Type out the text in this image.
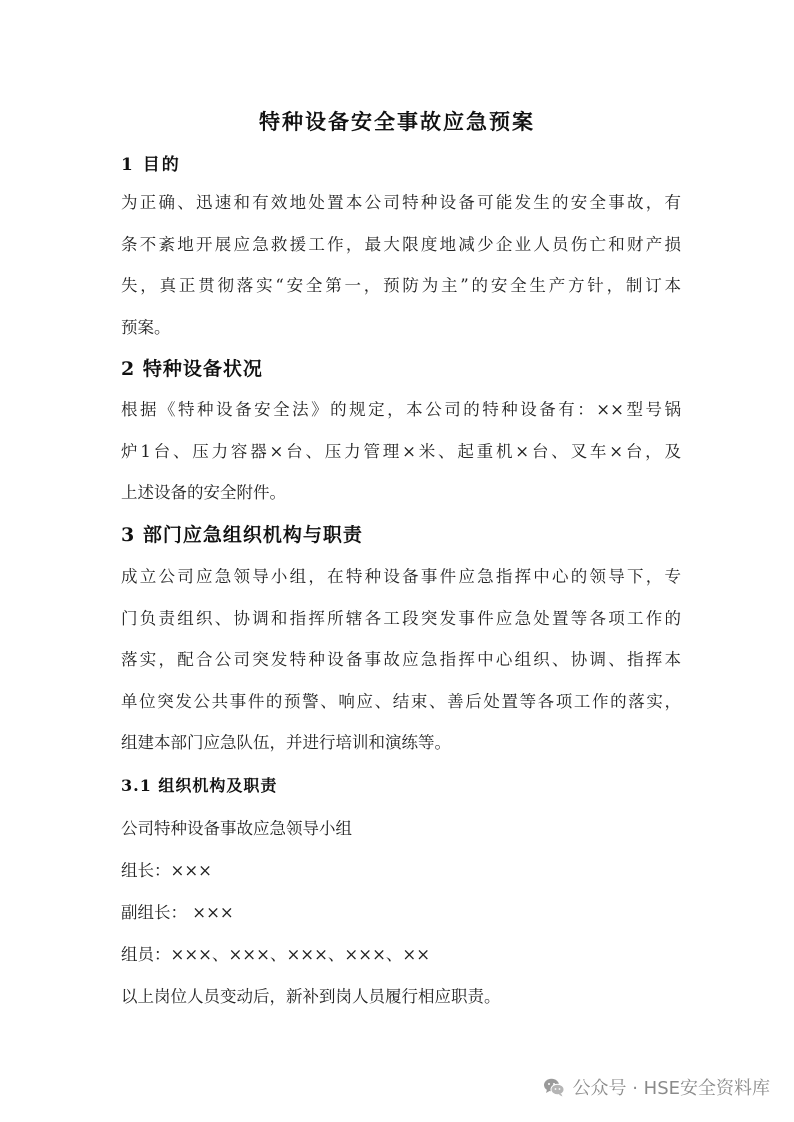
特种设备安全事故应急预案
1 目的
为正确、迅速和有效地处置本公司特种设备可能发生的安全事故，有
条不紊地开展应急救援工作，最大限度地减少企业人员伤亡和财产损
失，真正贯彻落实“安全第一，预防为主”的安全生产方针，制订本
预案。
2 特种设备状况
根据《特种设备安全法》的规定，本公司的特种设备有：××型号锅
炉1台、压力容器×台、压力管理×米、起重机×台、叉车×台，及
上述设备的安全附件。
3 部门应急组织机构与职责
成立公司应急领导小组，在特种设备事件应急指挥中心的领导下，专
门负责组织、协调和指挥所辖各工段突发事件应急处置等各项工作的
落实，配合公司突发特种设备事故应急指挥中心组织、协调、指挥本
单位突发公共事件的预警、响应、结束、善后处置等各项工作的落实，
组建本部门应急队伍，并进行培训和演练等。
3.1 组织机构及职责
公司特种设备事故应急领导小组
组长：×××
副组长： ×××
组员：×××、×××、×××、×××、××
以上岗位人员变动后，新补到岗人员履行相应职责。
公众号 · HSE安全资料库
